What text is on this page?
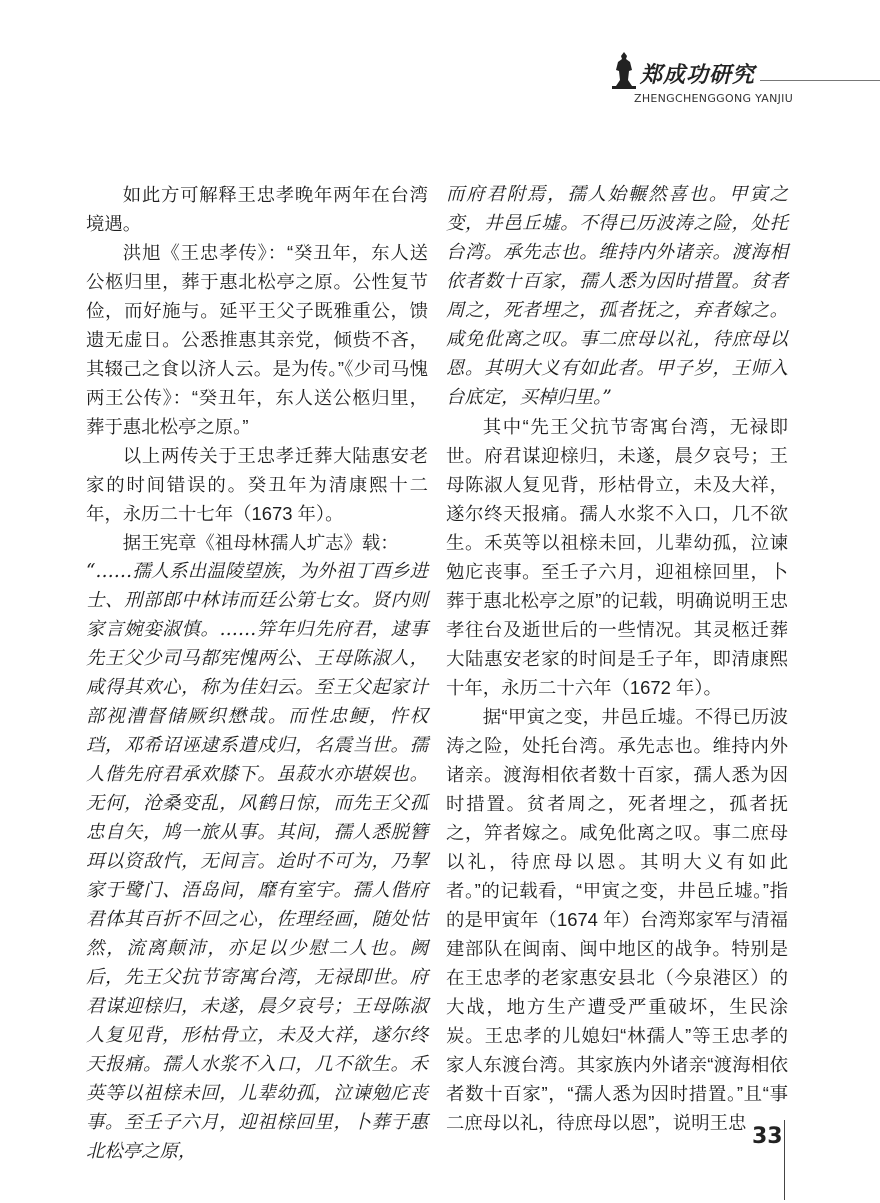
郑成功研究
ZHENGCHENGGONG YANJIU

如此方可解释王忠孝晚年两年在台湾境遇。

洪旭《王忠孝传》：“癸丑年，东人送公柩归里，葬于惠北松亭之原。公性复节俭，而好施与。延平王父子既雅重公，馈遗无虚日。公悉推惠其亲党，倾赀不吝，其辍己之食以济人云。是为传。”《少司马愧两王公传》：“癸丑年，东人送公柩归里，葬于惠北松亭之原。”

以上两传关于王忠孝迁葬大陆惠安老家的时间错误的。癸丑年为清康熙十二年，永历二十七年（1673 年）。

据王宪章《祖母林孺人圹志》载：

“……孺人系出温陵望族，为外祖丁酉乡进士、刑部郎中林讳而廷公第七女。贤内则家言婉娈淑慎。……笄年归先府君，逮事先王父少司马都宪愧两公、王母陈淑人，咸得其欢心，称为佳妇云。至王父起家计部视漕督储厥织懋哉。而性忠鲠，忤权珰，邓希诏诬逮系遣戍归，名震当世。孺人偕先府君承欢膝下。虽菽水亦堪娱也。无何，沧桑变乱，风鹤日惊，而先王父孤忠自矢，鸠一旅从事。其间，孺人悉脱簪珥以资敌忾，无间言。迨时不可为，乃挈家于鹭门、浯岛间，靡有室宇。孺人偕府君体其百折不回之心，佐理经画，随处怙然，流离颠沛，亦足以少慰二人也。阙后，先王父抗节寄寓台湾，无禄即世。府君谋迎榇归，未遂，晨夕哀号；王母陈淑人复见背，形枯骨立，未及大祥，遂尔终天报痛。孺人水浆不入口，几不欲生。禾英等以祖榇未回，儿辈幼孤，泣谏勉庀丧事。至壬子六月，迎祖榇回里，卜葬于惠北松亭之原，

而府君附焉，孺人始輾然喜也。甲寅之变，井邑丘墟。不得已历波涛之险，处托台湾。承先志也。维持内外诸亲。渡海相依者数十百家，孺人悉为因时措置。贫者周之，死者埋之，孤者抚之，弃者嫁之。咸免仳离之叹。事二庶母以礼，待庶母以恩。其明大义有如此者。甲子岁，王师入台底定，买棹归里。”

其中“先王父抗节寄寓台湾，无禄即世。府君谋迎榇归，未遂，晨夕哀号；王母陈淑人复见背，形枯骨立，未及大祥，遂尔终天报痛。孺人水浆不入口，几不欲生。禾英等以祖榇未回，儿辈幼孤，泣谏勉庀丧事。至壬子六月，迎祖榇回里，卜葬于惠北松亭之原”的记载，明确说明王忠孝往台及逝世后的一些情况。其灵柩迁葬大陆惠安老家的时间是壬子年，即清康熙十年，永历二十六年（1672 年）。

据“甲寅之变，井邑丘墟。不得已历波涛之险，处托台湾。承先志也。维持内外诸亲。渡海相依者数十百家，孺人悉为因时措置。贫者周之，死者埋之，孤者抚之，笄者嫁之。咸免仳离之叹。事二庶母以礼，待庶母以恩。其明大义有如此者。”的记载看，“甲寅之变，井邑丘墟。”指的是甲寅年（1674 年）台湾郑家军与清福建部队在闽南、闽中地区的战争。特别是在王忠孝的老家惠安县北（今泉港区）的大战，地方生产遭受严重破坏，生民涂炭。王忠孝的儿媳妇“林孺人”等王忠孝的家人东渡台湾。其家族内外诸亲“渡海相依者数十百家”，“孺人悉为因时措置。”且“事二庶母以礼，待庶母以恩”，说明王忠

33
